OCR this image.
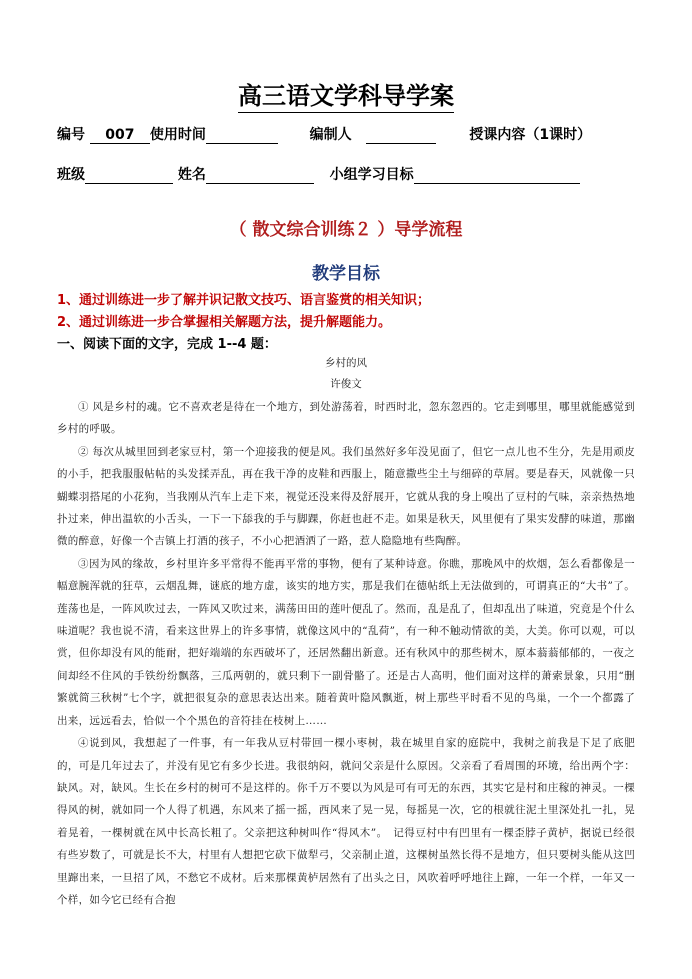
高三语文学科导学案
编号 007 使用时间	编制人	授课内容（1课时）
班级	姓名	小组学习目标
（ 散文综合训练２ ）导学流程
教学目标
1、通过训练进一步了解并识记散文技巧、语言鉴赏的相关知识；
2、通过训练进一步合掌握相关解题方法，提升解题能力。
一、阅读下面的文字，完成 1--4 题：
乡村的风
许俊文

① 风是乡村的魂。它不喜欢老是待在一个地方，到处游荡着，时西时北，忽东忽西的。它走到哪里，哪里就能感觉到乡村的呼吸。

② 每次从城里回到老家豆村，第一个迎接我的便是风。我们虽然好多年没见面了，但它一点儿也不生分，先是用顽皮的小手，把我服服帖帖的头发揉弄乱，再在我干净的皮鞋和西服上，随意撒些尘土与细碎的草屑。要是春天，风就像一只蝴蝶羽搭尾的小花狗，当我刚从汽车上走下来，视觉还没来得及舒展开，它就从我的身上嗅出了豆村的气味，亲亲热热地扑过来，伸出温软的小舌头，一下一下舔我的手与脚踝，你赶也赶不走。如果是秋天，风里便有了果实发酵的味道，那幽微的醉意，好像一个吉镇上打酒的孩子，不小心把酒洒了一路，惹人隐隐地有些陶醉。

③因为风的缘故，乡村里许多平常得不能再平常的事物，便有了某种诗意。你瞧，那晚风中的炊烟，怎么看都像是一幅意腕浑就的狂草，云烟乱舞，谜底的地方虚，该实的地方实，那是我们在德帖纸上无法做到的，可谓真正的“大书”了。莲荡也是，一阵风吹过去，一阵风又吹过来，满荡田田的莲叶便乱了。然而，乱是乱了，但却乱出了味道，究竟是个什么味道呢？我也说不清，看来这世界上的许多事情，就像这风中的“乱荷”，有一种不触动情欲的美，大美。你可以观，可以赏，但你却没有风的能耐，把好端端的东西破坏了，还居然翻出新意。还有秋风中的那些树木，原本蓊蓊郁郁的，一夜之间却经不住风的手铁纷纷飘落，三瓜两朝的，就只剩下一副骨骼了。还是古人高明，他们面对这样的萧索景象，只用“删繁就简三秋树”七个字，就把很复杂的意思表达出来。随着黄叶隐风飘逝，树上那些平时看不见的鸟巢，一个一个都露了出来，远远看去，恰似一个个黑色的音符挂在枝树上……

④说到风，我想起了一件事，有一年我从豆村带回一棵小枣树，栽在城里自家的庭院中，我树之前我是下足了底肥的，可是几年过去了，并没有见它有多少长进。我很纳闷，就问父亲是什么原因。父亲看了看周围的环境，给出两个字：缺风。对，缺风。生长在乡村的树可不是这样的。你千万不要以为风是可有可无的东西，其实它是村和庄稼的神灵。一棵得风的树，就如同一个人得了机遇，东风来了摇一摇，西风来了晃一晃，每摇晃一次，它的根就往泥土里深处扎一扎，晃着晃着，一棵树就在风中长高长粗了。父亲把这种树叫作“得风木”。　记得豆村中有凹里有一棵歪脖子黄栌，据说已经很有些岁数了，可就是长不大，村里有人想把它砍下做犁弓，父亲制止道，这棵树虽然长得不是地方，但只要树头能从这凹里蹿出来，一旦招了风，不愁它不成材。后来那棵黄栌居然有了出头之日，风吹着呼呼地往上蹿，一年一个样，一年又一个样，如今它已经有合抱
